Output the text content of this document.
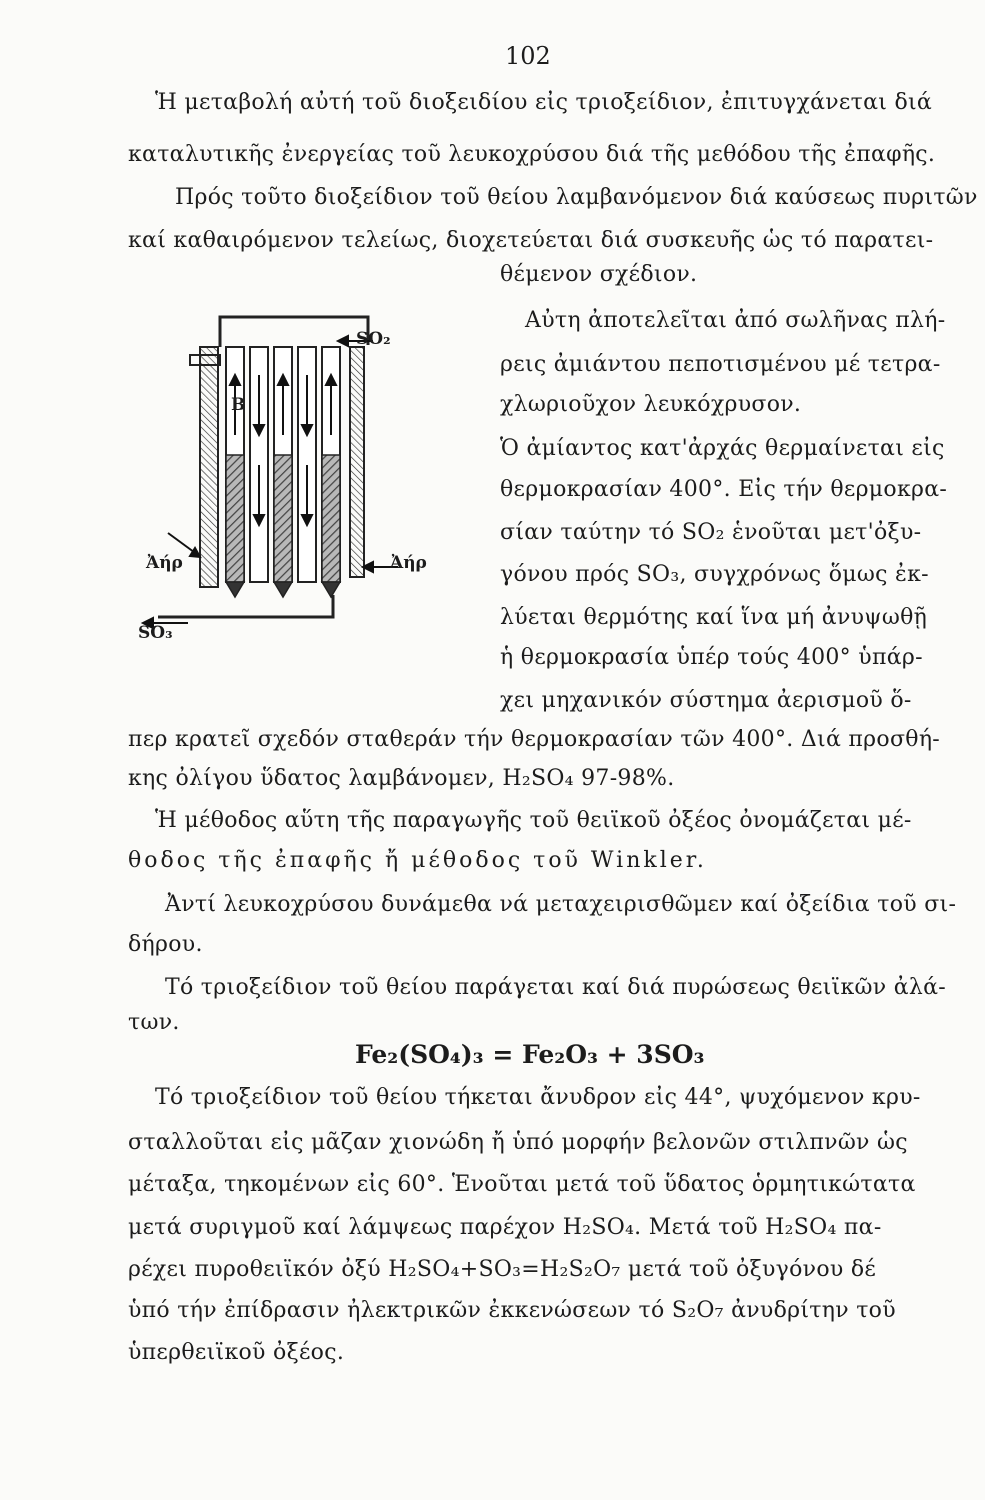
102
Ἡ μεταβολή αὐτή τοῦ διοξειδίου εἰς τριοξείδιον, ἐπιτυγχάνεται διά
καταλυτικῆς ἐνεργείας τοῦ λευκοχρύσου διά τῆς μεθόδου τῆς ἐπαφῆς.
Πρός τοῦτο διοξείδιον τοῦ θείου λαμβανόμενον διά καύσεως πυριτῶν
καί καθαιρόμενον τελείως, διοχετεύεται διά συσκευῆς ὡς τό παρατει-
θέμενον σχέδιον.
Αὐτη ἀποτελεῖται ἀπό σωλῆνας πλή-
ρεις ἀμιάντου πεποτισμένου μέ τετρα-
χλωριοῦχον λευκόχρυσον.
Ὁ ἀμίαντος κατ'ἀρχάς θερμαίνεται εἰς
θερμοκρασίαν 400°. Εἰς τήν θερμοκρα-
σίαν ταύτην τό SO₂ ἑνοῦται μετ'ὀξυ-
γόνου πρός SO₃, συγχρόνως ὅμως ἐκ-
λύεται θερμότης καί ἵνα μή ἀνυψωθῇ
ἡ θερμοκρασία ὑπέρ τούς 400° ὑπάρ-
χει μηχανικόν σύστημα ἀερισμοῦ ὅ-
περ κρατεῖ σχεδόν σταθεράν τήν θερμοκρασίαν τῶν 400°. Διά προσθή-
κης ὀλίγου ὕδατος λαμβάνομεν, H₂SO₄ 97-98%.
Ἡ μέθοδος αὕτη τῆς παραγωγῆς τοῦ θειϊκοῦ ὀξέος ὀνομάζεται μέ-
θοδος τῆς ἐπαφῆς ἤ μέθοδος τοῦ Winkler.
Ἀντί λευκοχρύσου δυνάμεθα νά μεταχειρισθῶμεν καί ὀξείδια τοῦ σι-
δήρου.
Τό τριοξείδιον τοῦ θείου παράγεται καί διά πυρώσεως θειϊκῶν ἀλά-
των.
Fe₂(SO₄)₃ = Fe₂O₃ + 3SO₃
Τό τριοξείδιον τοῦ θείου τήκεται ἄνυδρον εἰς 44°, ψυχόμενον κρυ-
σταλλοῦται εἰς μᾶζαν χιονώδη ἤ ὑπό μορφήν βελονῶν στιλπνῶν ὡς
μέταξα, τηκομένων εἰς 60°. Ἑνοῦται μετά τοῦ ὕδατος ὁρμητικώτατα
μετά συριγμοῦ καί λάμψεως παρέχον H₂SO₄. Μετά τοῦ H₂SO₄ πα-
ρέχει πυροθειϊκόν ὀξύ H₂SO₄+SO₃=H₂S₂O₇ μετά τοῦ ὀξυγόνου δέ
ὑπό τήν ἐπίδρασιν ἠλεκτρικῶν ἐκκενώσεων τό S₂O₇ ἀνυδρίτην τοῦ
ὑπερθειϊκοῦ ὀξέος.
SO₂
B
Ἀήρ	Ἀήρ
SO₃
